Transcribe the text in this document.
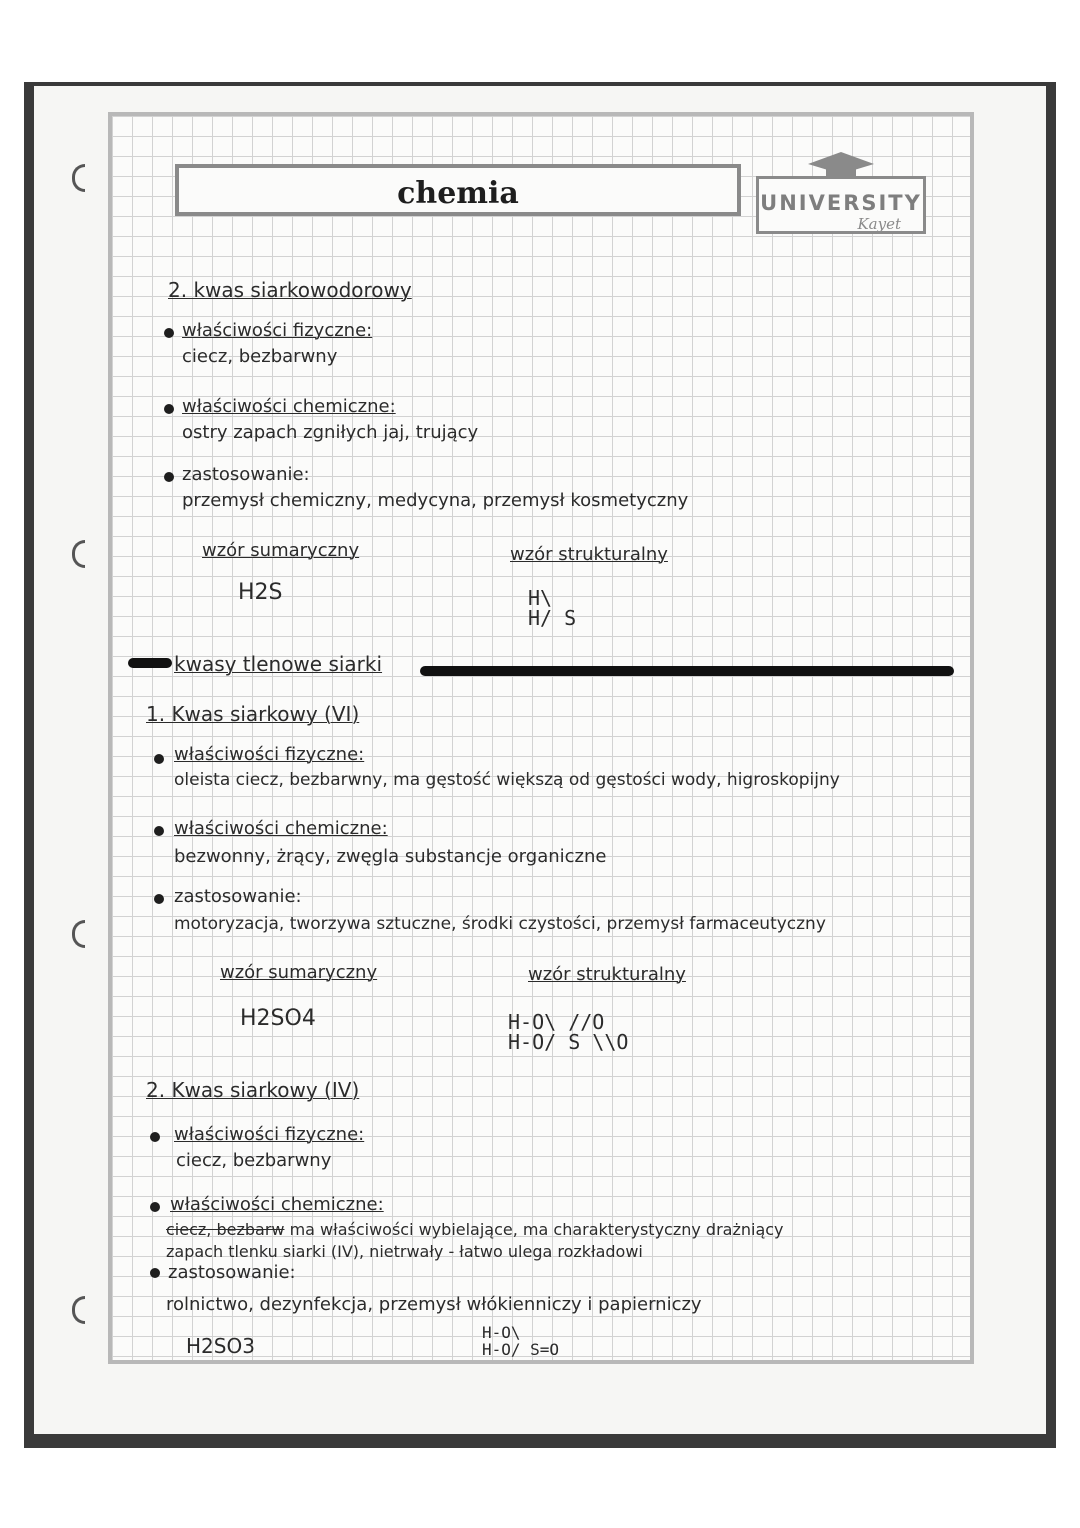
chemia	UNIVERSITY
Kayet
2. kwas siarkowodorowy
właściwości fizyczne:
ciecz, bezbarwny
właściwości chemiczne:
ostry zapach zgniłych jaj, trujący
zastosowanie:
przemysł chemiczny, medycyna, przemysł kosmetyczny
wzór sumaryczny	wzór strukturalny
H2S	H\
H/ S
kwasy tlenowe siarki
1. Kwas siarkowy (VI)
właściwości fizyczne:
oleista ciecz, bezbarwny, ma gęstość większą od gęstości wody, higroskopijny
właściwości chemiczne:
bezwonny, żrący, zwęgla substancje organiczne
zastosowanie:
motoryzacja, tworzywa sztuczne, środki czystości, przemysł farmaceutyczny
wzór sumaryczny	wzór strukturalny
H2SO4	H-O\ //O
H-O/ S \\O
2. Kwas siarkowy (IV)
właściwości fizyczne:
ciecz, bezbarwny
właściwości chemiczne:
ciecz, bezbarw ma właściwości wybielające, ma charakterystyczny drażniący
zapach tlenku siarki (IV), nietrwały - łatwo ulega rozkładowi
zastosowanie:
rolnictwo, dezynfekcja, przemysł włókienniczy i papierniczy
H2SO3
H-O\
H-O/ S=O
